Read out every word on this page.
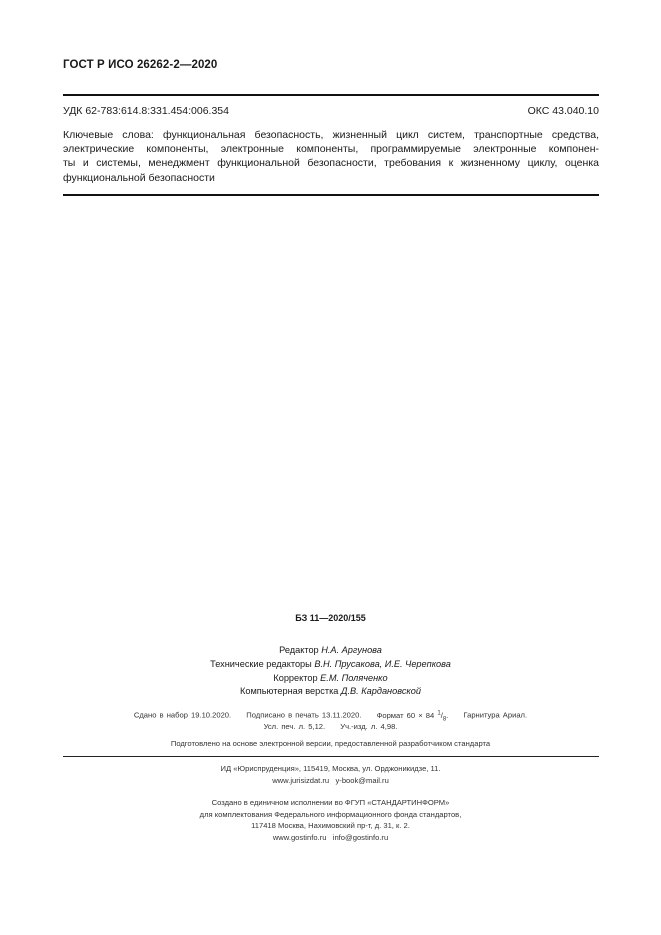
ГОСТ Р ИСО 26262-2—2020
УДК 62-783:614.8:331.454:006.354	ОКС 43.040.10
Ключевые слова: функциональная безопасность, жизненный цикл систем, транспортные средства,
электрические компоненты, электронные компоненты, программируемые электронные компонен-
ты и системы, менеджмент функциональной безопасности, требования к жизненному циклу, оценка
функциональной безопасности
БЗ 11—2020/155
Редактор Н.А. Аргунова
Технические редакторы В.Н. Прусакова, И.Е. Черепкова
Корректор Е.М. Поляченко
Компьютерная верстка Д.В. Кардановской
Сдано в набор 19.10.2020. Подписано в печать 13.11.2020. Формат 60 × 84 $^1/_8$. Гарнитура Ариал.
Усл. печ. л. 5,12. Уч.-изд. л. 4,98.
Подготовлено на основе электронной версии, предоставленной разработчиком стандарта
ИД «Юриспруденция», 115419, Москва, ул. Орджоникидзе, 11.
www.jurisizdat.ru y-book@mail.ru
Создано в единичном исполнении во ФГУП «СТАНДАРТИНФОРМ»
для комплектования Федерального информационного фонда стандартов,
117418 Москва, Нахимовский пр-т, д. 31, к. 2.
www.gostinfo.ru info@gostinfo.ru
